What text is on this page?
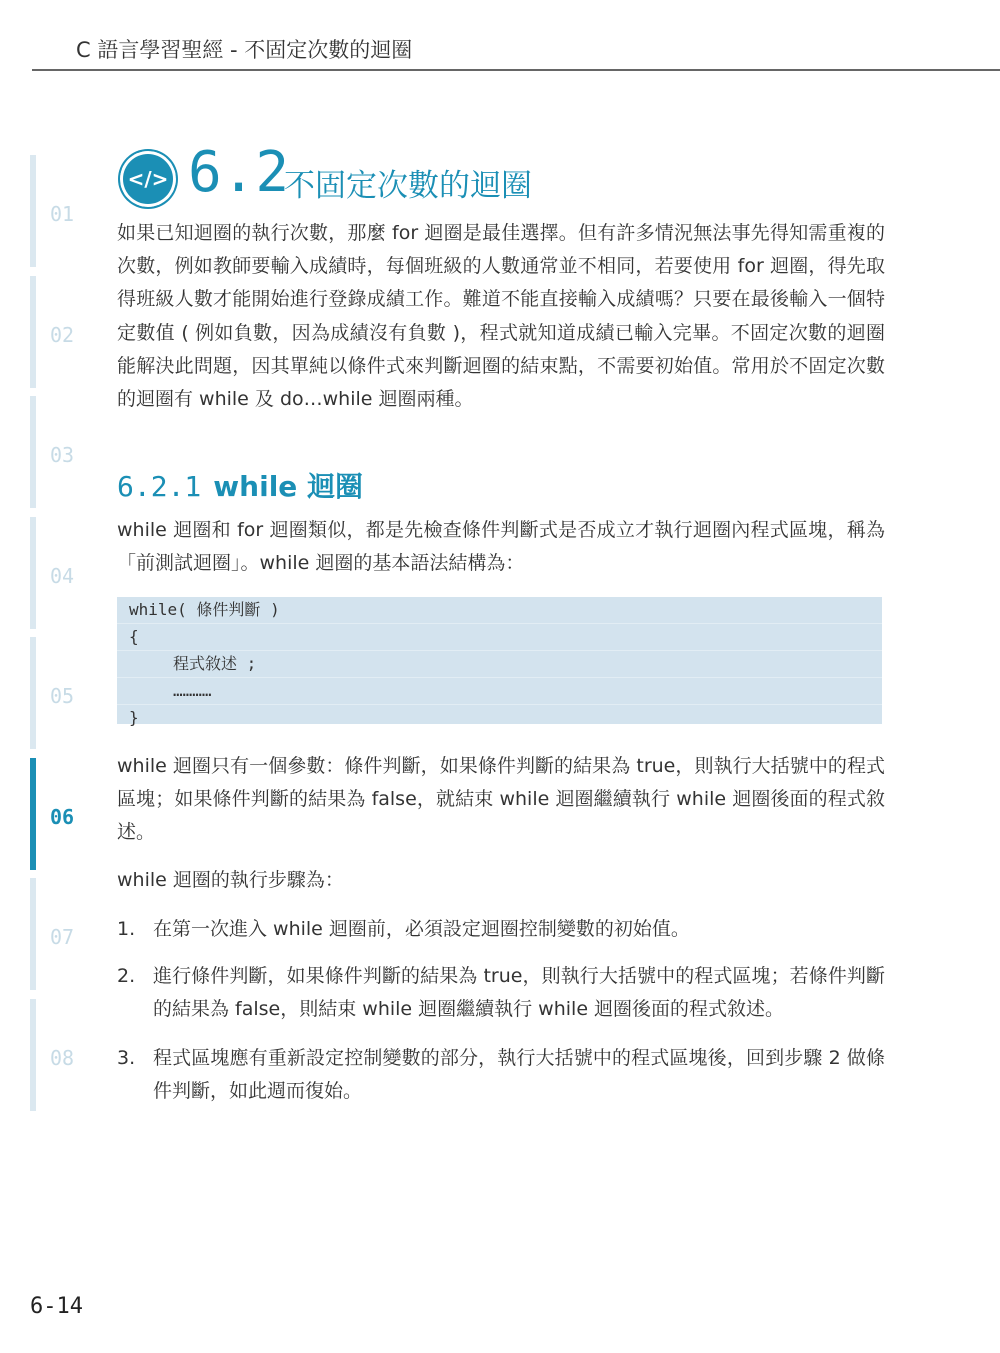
C 語言學習聖經 - 不固定次數的迴圈
01
02
03
04
05
06
07
08
</> 6.2
不固定次數的迴圈
如果已知迴圈的執行次數，那麼 for 迴圈是最佳選擇。但有許多情況無法事先得知需重複的次數，例如教師要輸入成績時，每個班級的人數通常並不相同，若要使用 for 迴圈，得先取得班級人數才能開始進行登錄成績工作。難道不能直接輸入成績嗎？只要在最後輸入一個特定數值 ( 例如負數，因為成績沒有負數 )，程式就知道成績已輸入完畢。不固定次數的迴圈能解決此問題，因其單純以條件式來判斷迴圈的結束點，不需要初始值。常用於不固定次數的迴圈有 while 及 do…while 迴圈兩種。
6.2.1 while 迴圈
while 迴圈和 for 迴圈類似，都是先檢查條件判斷式是否成立才執行迴圈內程式區塊，稱為「前測試迴圈」。while 迴圈的基本語法結構為：
while( 條件判斷 )
{
程式敘述 ;
…………
}
while 迴圈只有一個參數：條件判斷，如果條件判斷的結果為 true，則執行大括號中的程式區塊；如果條件判斷的結果為 false，就結束 while 迴圈繼續執行 while 迴圈後面的程式敘述。
while 迴圈的執行步驟為：
1. 在第一次進入 while 迴圈前，必須設定迴圈控制變數的初始值。
2. 進行條件判斷，如果條件判斷的結果為 true，則執行大括號中的程式區塊；若條件判斷的結果為 false，則結束 while 迴圈繼續執行 while 迴圈後面的程式敘述。
3. 程式區塊應有重新設定控制變數的部分，執行大括號中的程式區塊後，回到步驟 2 做條件判斷，如此週而復始。
6-14
